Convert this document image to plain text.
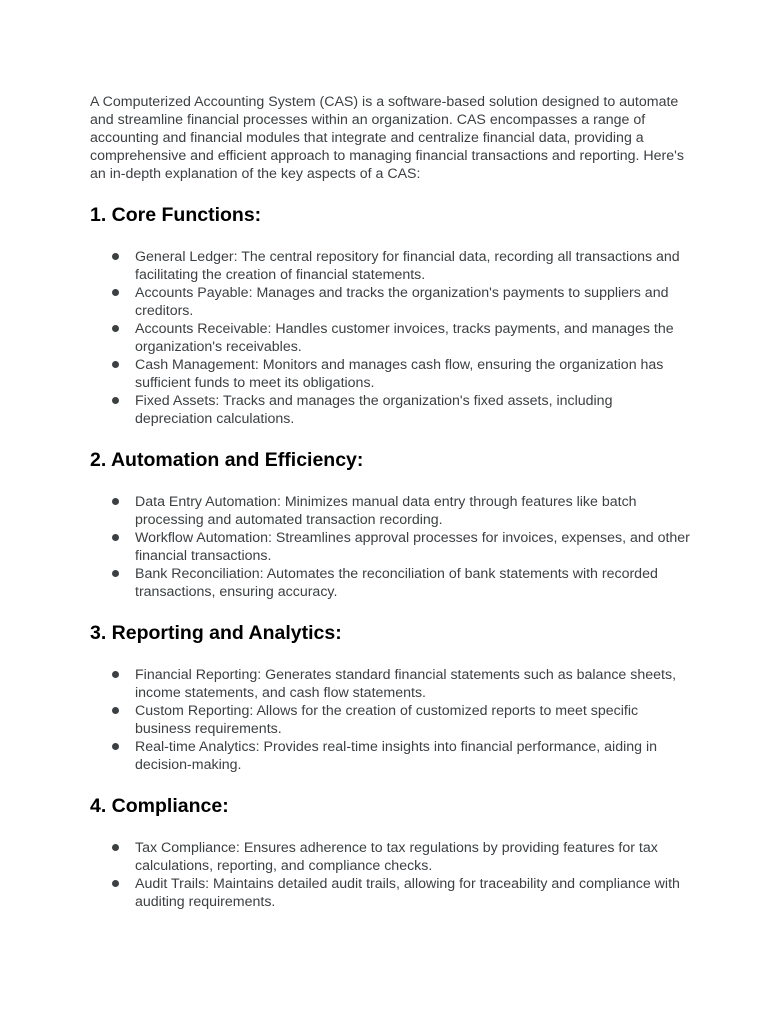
A Computerized Accounting System (CAS) is a software-based solution designed to automate and streamline financial processes within an organization. CAS encompasses a range of accounting and financial modules that integrate and centralize financial data, providing a comprehensive and efficient approach to managing financial transactions and reporting. Here's an in-depth explanation of the key aspects of a CAS:

1. Core Functions:
General Ledger: The central repository for financial data, recording all transactions and facilitating the creation of financial statements.
Accounts Payable: Manages and tracks the organization's payments to suppliers and creditors.
Accounts Receivable: Handles customer invoices, tracks payments, and manages the organization's receivables.
Cash Management: Monitors and manages cash flow, ensuring the organization has sufficient funds to meet its obligations.
Fixed Assets: Tracks and manages the organization's fixed assets, including depreciation calculations.
2. Automation and Efficiency:
Data Entry Automation: Minimizes manual data entry through features like batch processing and automated transaction recording.
Workflow Automation: Streamlines approval processes for invoices, expenses, and other financial transactions.
Bank Reconciliation: Automates the reconciliation of bank statements with recorded transactions, ensuring accuracy.
3. Reporting and Analytics:
Financial Reporting: Generates standard financial statements such as balance sheets, income statements, and cash flow statements.
Custom Reporting: Allows for the creation of customized reports to meet specific business requirements.
Real-time Analytics: Provides real-time insights into financial performance, aiding in decision-making.
4. Compliance:
Tax Compliance: Ensures adherence to tax regulations by providing features for tax calculations, reporting, and compliance checks.
Audit Trails: Maintains detailed audit trails, allowing for traceability and compliance with auditing requirements.
